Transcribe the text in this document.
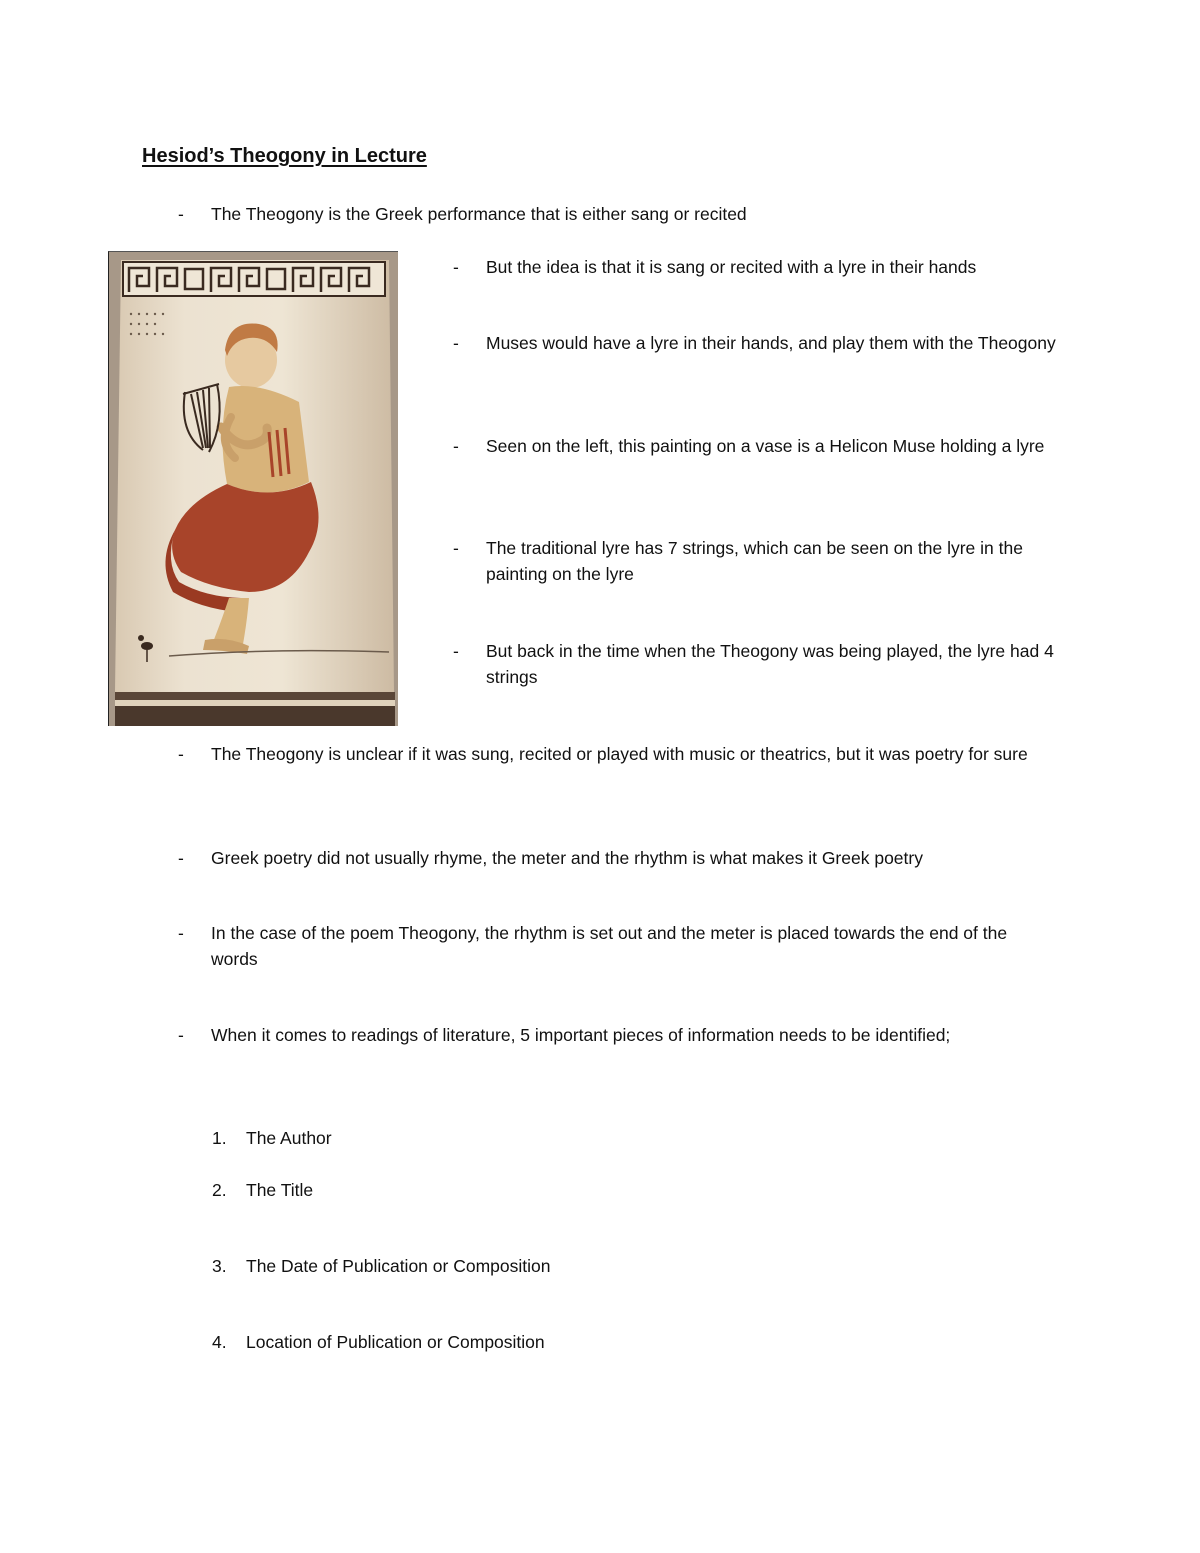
Hesiod’s Theogony in Lecture
- The Theogony is the Greek performance that is either sang or recited
- But the idea is that it is sang or recited with a lyre in their hands
- Muses would have a lyre in their hands, and play them with the Theogony
- Seen on the left, this painting on a vase is a Helicon Muse holding a lyre
- The traditional lyre has 7 strings, which can be seen on the lyre in the painting on the lyre
- But back in the time when the Theogony was being played, the lyre had 4 strings
- The Theogony is unclear if it was sung, recited or played with music or theatrics, but it was poetry for sure
- Greek poetry did not usually rhyme, the meter and the rhythm is what makes it Greek poetry
- In the case of the poem Theogony, the rhythm is set out and the meter is placed towards the end of the words
- When it comes to readings of literature, 5 important pieces of information needs to be identified;
1. The Author
2. The Title
3. The Date of Publication or Composition
4. Location of Publication or Composition
